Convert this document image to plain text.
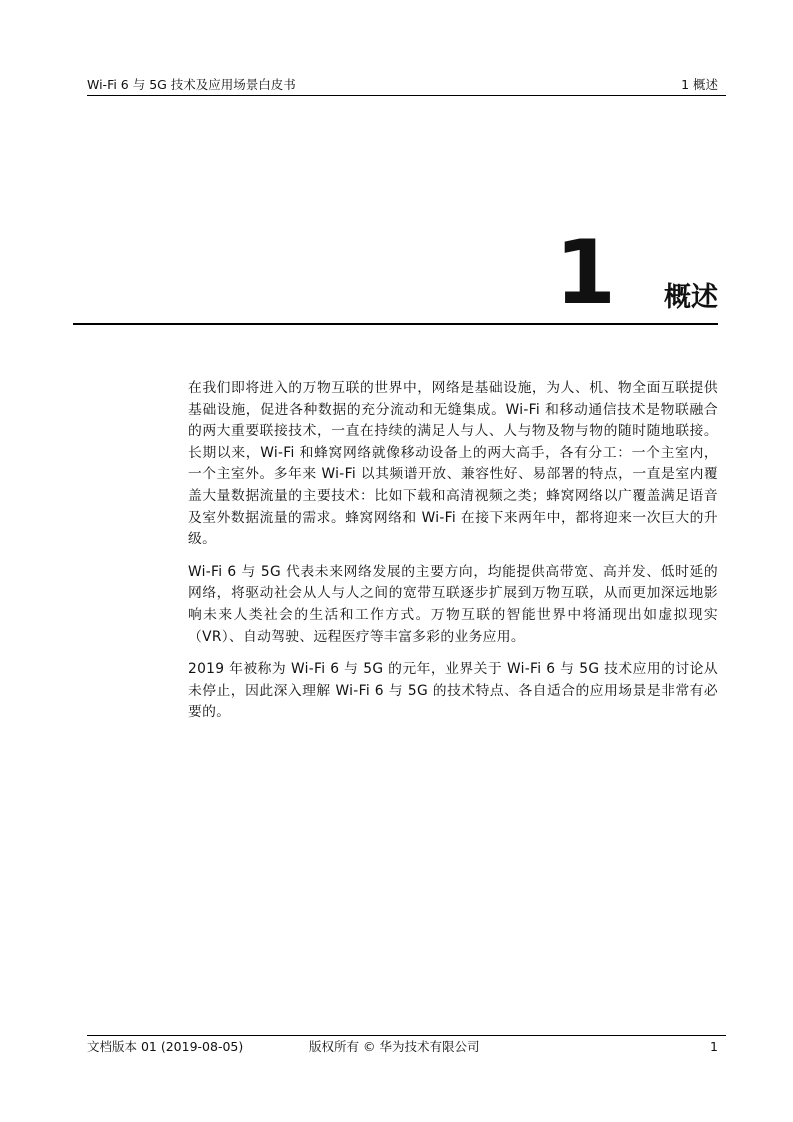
Wi-Fi 6 与 5G 技术及应用场景白皮书	1 概述
1 概述

在我们即将进入的万物互联的世界中，网络是基础设施，为人、机、物全面互联提供基础设施，促进各种数据的充分流动和无缝集成。Wi-Fi 和移动通信技术是物联融合的两大重要联接技术，一直在持续的满足人与人、人与物及物与物的随时随地联接。长期以来，Wi-Fi 和蜂窝网络就像移动设备上的两大高手，各有分工：一个主室内，一个主室外。多年来 Wi-Fi 以其频谱开放、兼容性好、易部署的特点，一直是室内覆盖大量数据流量的主要技术：比如下载和高清视频之类；蜂窝网络以广覆盖满足语音及室外数据流量的需求。蜂窝网络和 Wi-Fi 在接下来两年中，都将迎来一次巨大的升级。

Wi-Fi 6 与 5G 代表未来网络发展的主要方向，均能提供高带宽、高并发、低时延的网络，将驱动社会从人与人之间的宽带互联逐步扩展到万物互联，从而更加深远地影响未来人类社会的生活和工作方式。万物互联的智能世界中将涌现出如虚拟现实（VR）、自动驾驶、远程医疗等丰富多彩的业务应用。

2019 年被称为 Wi-Fi 6 与 5G 的元年，业界关于 Wi-Fi 6 与 5G 技术应用的讨论从未停止，因此深入理解 Wi-Fi 6 与 5G 的技术特点、各自适合的应用场景是非常有必要的。

文档版本 01 (2019-08-05)	版权所有 © 华为技术有限公司	1
